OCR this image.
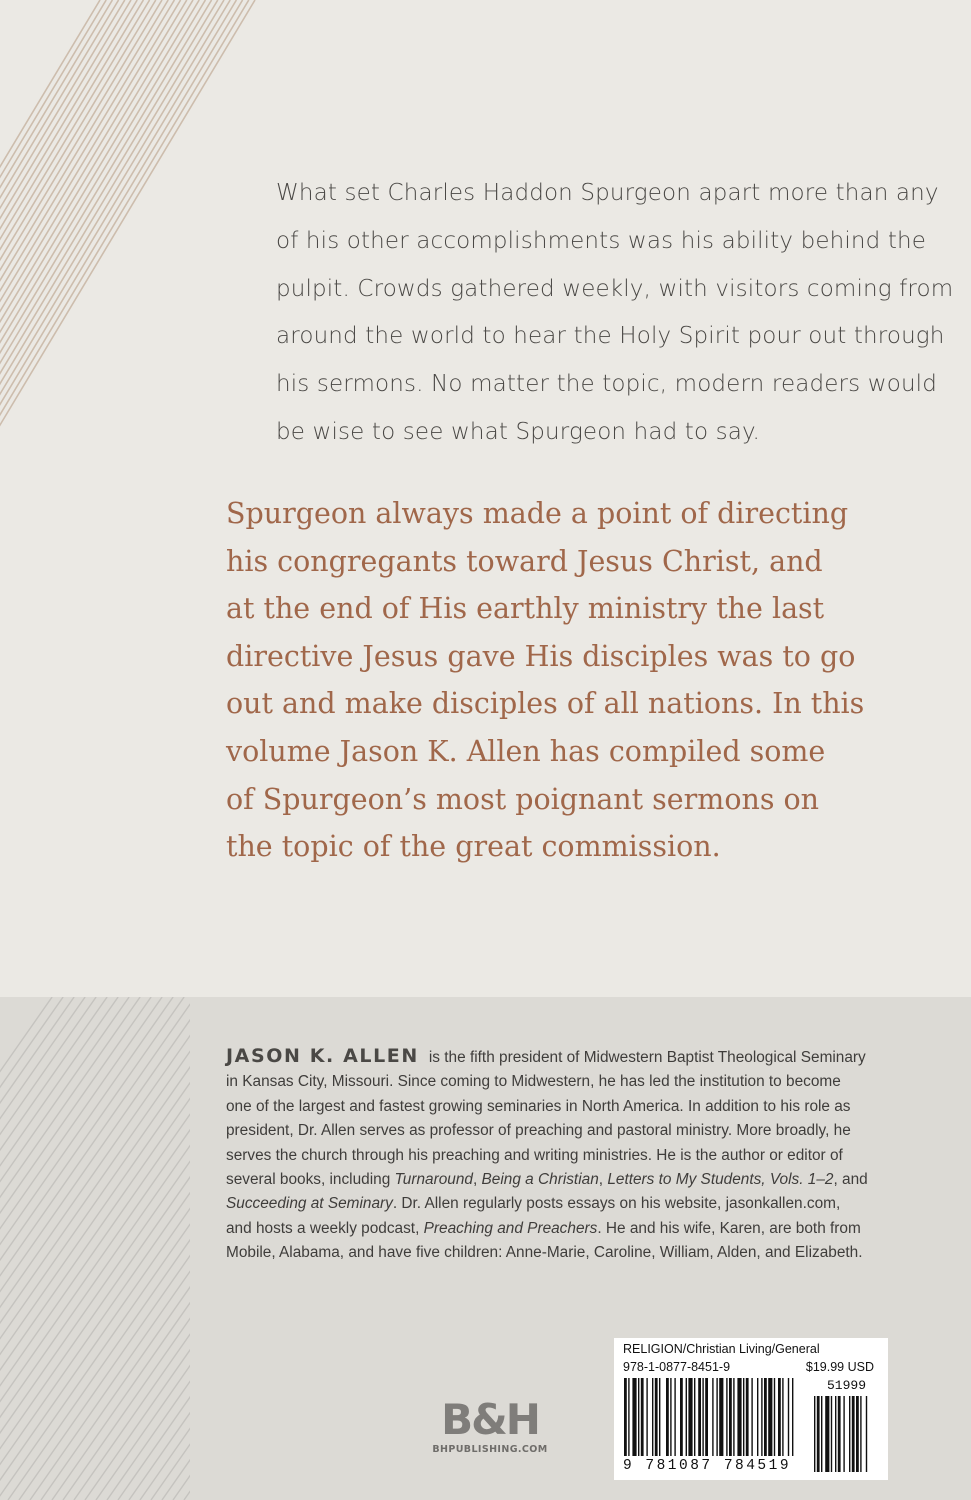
What set Charles Haddon Spurgeon apart more than any
of his other accomplishments was his ability behind the
pulpit. Crowds gathered weekly, with visitors coming from
around the world to hear the Holy Spirit pour out through
his sermons. No matter the topic, modern readers would
be wise to see what Spurgeon had to say.
Spurgeon always made a point of directing
his congregants toward Jesus Christ, and
at the end of His earthly ministry the last
directive Jesus gave His disciples was to go
out and make disciples of all nations. In this
volume Jason K. Allen has compiled some
of Spurgeon’s most poignant sermons on
the topic of the great commission.
JASON K. ALLEN is the fifth president of Midwestern Baptist Theological Seminary
in Kansas City, Missouri. Since coming to Midwestern, he has led the institution to become
one of the largest and fastest growing seminaries in North America. In addition to his role as
president, Dr. Allen serves as professor of preaching and pastoral ministry. More broadly, he
serves the church through his preaching and writing ministries. He is the author or editor of
several books, including Turnaround, Being a Christian, Letters to My Students, Vols. 1–2, and
Succeeding at Seminary. Dr. Allen regularly posts essays on his website, jasonkallen.com,
and hosts a weekly podcast, Preaching and Preachers. He and his wife, Karen, are both from
Mobile, Alabama, and have five children: Anne-Marie, Caroline, William, Alden, and Elizabeth.
B&H
BHPUBLISHING.COM
RELIGION/Christian Living/General
978-1-0877-8451-9	$19.99 USD
51999
9 781087 784519
